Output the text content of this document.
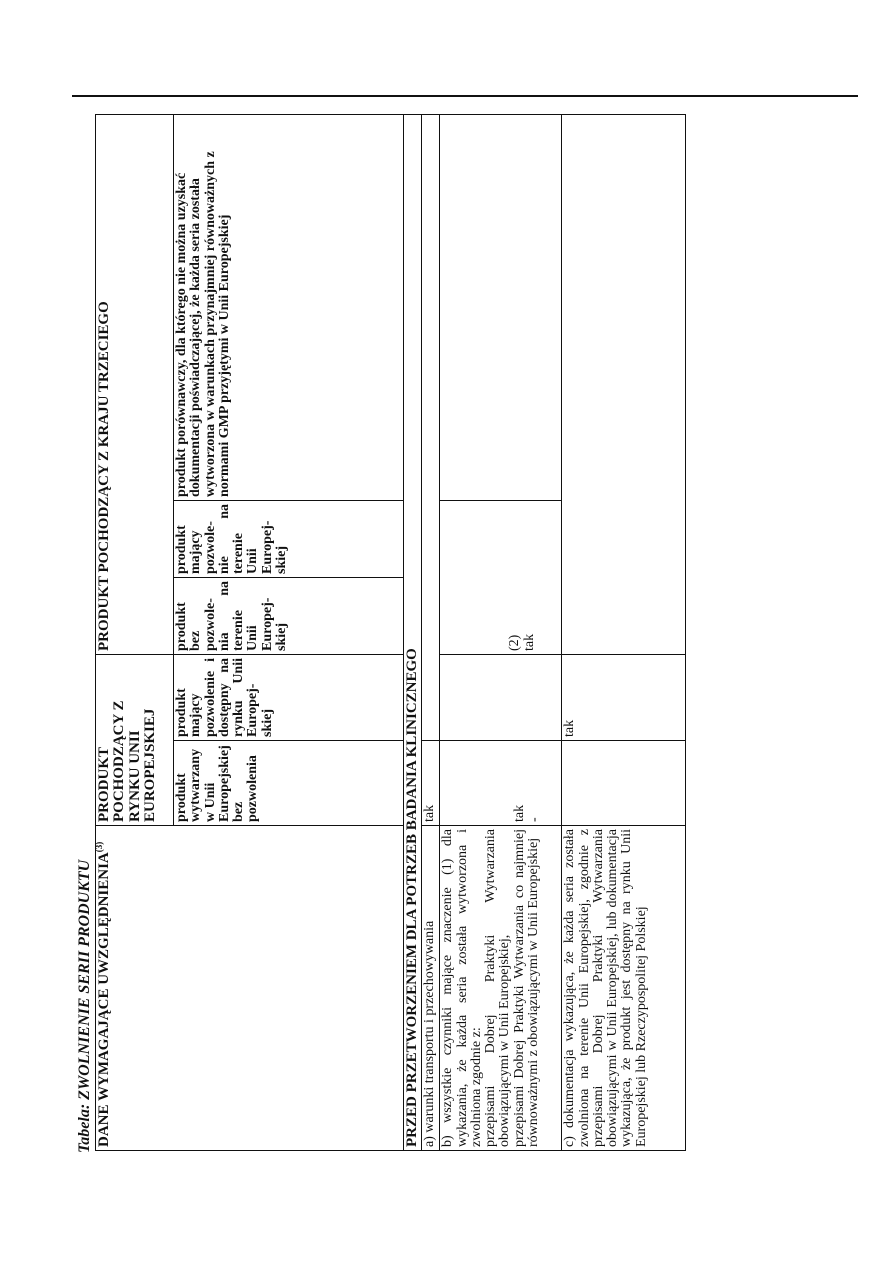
Tabela: ZWOLNIENIE SERII PRODUKTU DANE WYMAGAJĄCE UWZGLĘDNIENIA$^{(3)}$	PRODUKT POCHODZĄCY Z RYNKU UNII EUROPEJSKIEJ		PRODUKT POCHODZĄCY Z KRAJU TRZECIEGO		
	produkt wytwarzany w Unii Europejskiej bez pozwolenia	produkt mający pozwolenie i dostępny na rynku Unii Europej-skiej	produkt bez pozwole-nia na terenie Unii Europej-skiej	produkt mający pozwole-nie na terenie Unii Europej-skiej	produkt porównawczy, dla którego nie można uzyskać dokumentacji poświadczającej, że każda seria została wytworzona w warunkach przynajmniej równoważnych z normami GMP przyjętymi w Unii Europejskiej
PRZED PRZETWORZENIEM DLA POTRZEB BADANIA KLINICZNEGO					
a) warunki transportu i przechowywania	tak				

b) wszystkie czynniki mające znaczenie (1) dla wykazania, że każda seria została wytworzona i zwolniona zgodnie z: przepisami Dobrej Praktyki Wytwarzania obowiązującymi w Unii Europejskiej, przepisami Dobrej Praktyki Wytwarzania co najmniej równoważnymi z obowiązującymi w Unii Europejskiej	tak -		(2) tak		

c) dokumentacja wykazująca, że każda seria została zwolniona na terenie Unii Europejskiej, zgodnie z przepisami Dobrej Praktyki Wytwarzania obowiązującymi w Unii Europejskiej, lub dokumentacja wykazująca, że produkt jest dostępny na rynku Unii Europejskiej lub Rzeczypospolitej Polskiej		tak			
